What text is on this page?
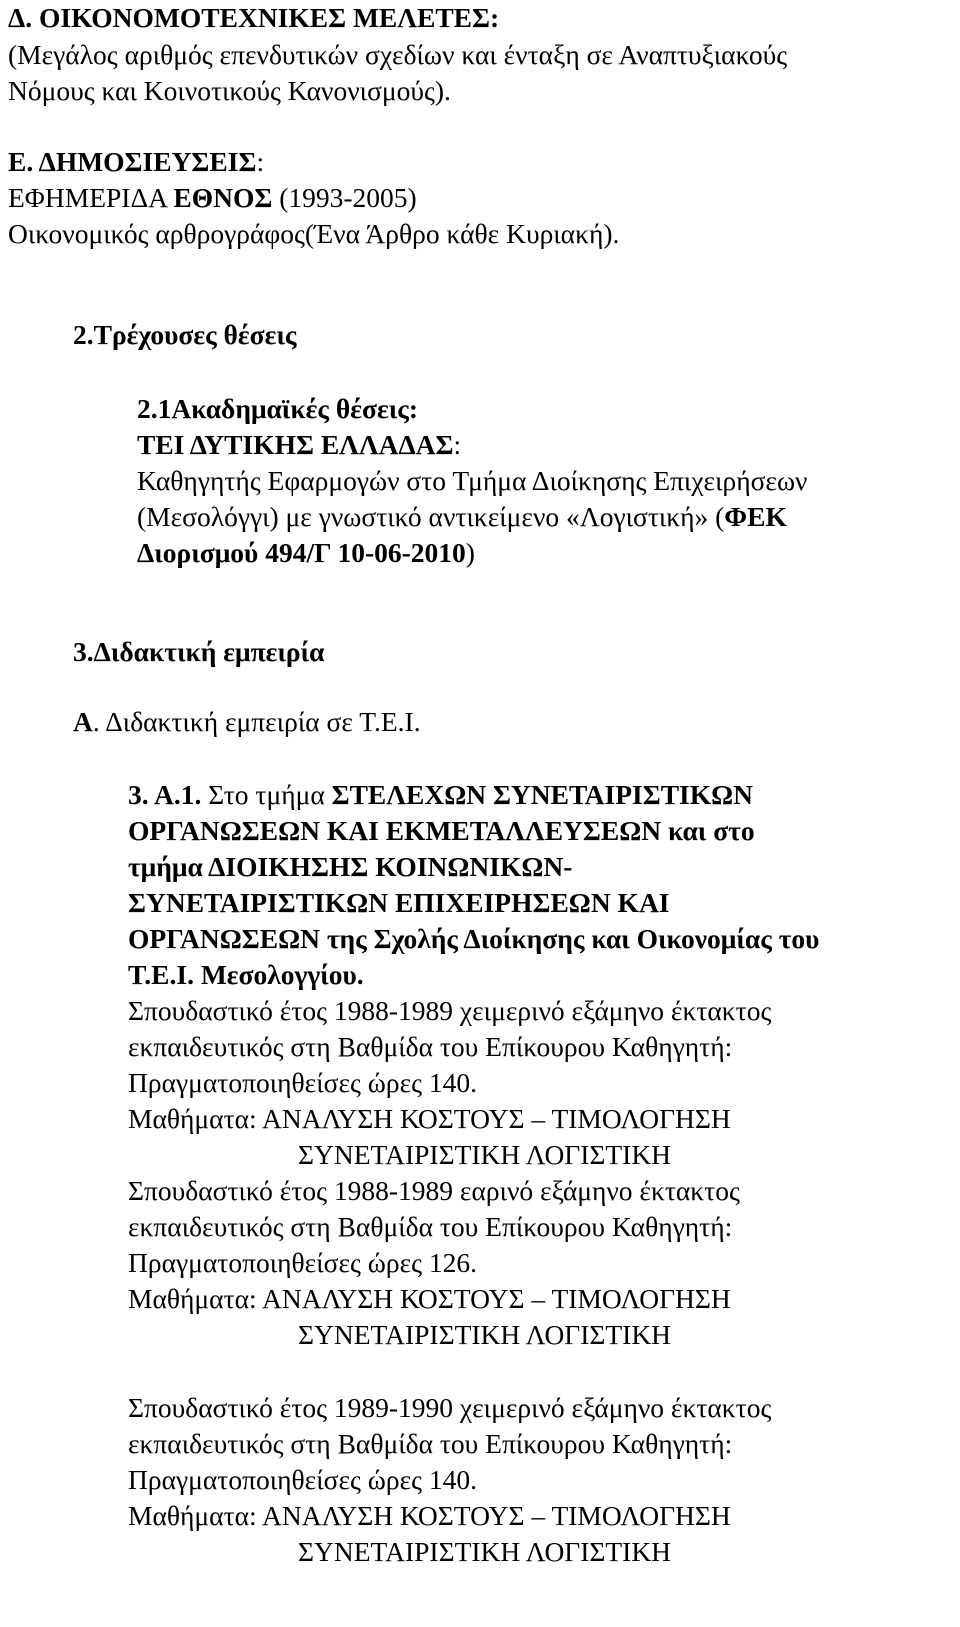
Δ. ΟΙΚΟΝΟΜΟΤΕΧΝΙΚΕΣ ΜΕΛΕΤΕΣ:
(Μεγάλος αριθμός επενδυτικών σχεδίων και ένταξη σε Αναπτυξιακούς
Νόμους και Κοινοτικούς Κανονισμούς).
Ε. ΔΗΜΟΣΙΕΥΣΕΙΣ:
ΕΦΗΜΕΡΙΔΑ ΕΘΝΟΣ (1993-2005)
Οικονομικός αρθρογράφος(Ένα Άρθρο κάθε Κυριακή).
2.Τρέχουσες θέσεις
2.1Ακαδημαϊκές θέσεις:
ΤΕΙ ΔΥΤΙΚΗΣ ΕΛΛΑΔΑΣ:
Καθηγητής Εφαρμογών στο Τμήμα Διοίκησης Επιχειρήσεων
(Μεσολόγγι) με γνωστικό αντικείμενο «Λογιστική» (ΦΕΚ
Διορισμού 494/Γ 10-06-2010)
3.Διδακτική εμπειρία
Α. Διδακτική εμπειρία σε Τ.Ε.Ι.
3. Α.1. Στο τμήμα ΣΤΕΛΕΧΩΝ ΣΥΝΕΤΑΙΡΙΣΤΙΚΩΝ
ΟΡΓΑΝΩΣΕΩΝ ΚΑΙ ΕΚΜΕΤΑΛΛΕΥΣΕΩΝ και στο
τμήμα ΔΙΟΙΚΗΣΗΣ ΚΟΙΝΩΝΙΚΩΝ-
ΣΥΝΕΤΑΙΡΙΣΤΙΚΩΝ ΕΠΙΧΕΙΡΗΣΕΩΝ ΚΑΙ
ΟΡΓΑΝΩΣΕΩΝ της Σχολής Διοίκησης και Οικονομίας του
Τ.Ε.Ι. Μεσολογγίου.
Σπουδαστικό έτος 1988-1989 χειμερινό εξάμηνο έκτακτος
εκπαιδευτικός στη Βαθμίδα του Επίκουρου Καθηγητή:
Πραγματοποιηθείσες ώρες 140.
Μαθήματα: ΑΝΑΛΥΣΗ ΚΟΣΤΟΥΣ – ΤΙΜΟΛΟΓΗΣΗ
ΣΥΝΕΤΑΙΡΙΣΤΙΚΗ ΛΟΓΙΣΤΙΚΗ
Σπουδαστικό έτος 1988-1989 εαρινό εξάμηνο έκτακτος
εκπαιδευτικός στη Βαθμίδα του Επίκουρου Καθηγητή:
Πραγματοποιηθείσες ώρες 126.
Μαθήματα: ΑΝΑΛΥΣΗ ΚΟΣΤΟΥΣ – ΤΙΜΟΛΟΓΗΣΗ
ΣΥΝΕΤΑΙΡΙΣΤΙΚΗ ΛΟΓΙΣΤΙΚΗ
Σπουδαστικό έτος 1989-1990 χειμερινό εξάμηνο έκτακτος
εκπαιδευτικός στη Βαθμίδα του Επίκουρου Καθηγητή:
Πραγματοποιηθείσες ώρες 140.
Μαθήματα: ΑΝΑΛΥΣΗ ΚΟΣΤΟΥΣ – ΤΙΜΟΛΟΓΗΣΗ
ΣΥΝΕΤΑΙΡΙΣΤΙΚΗ ΛΟΓΙΣΤΙΚΗ
